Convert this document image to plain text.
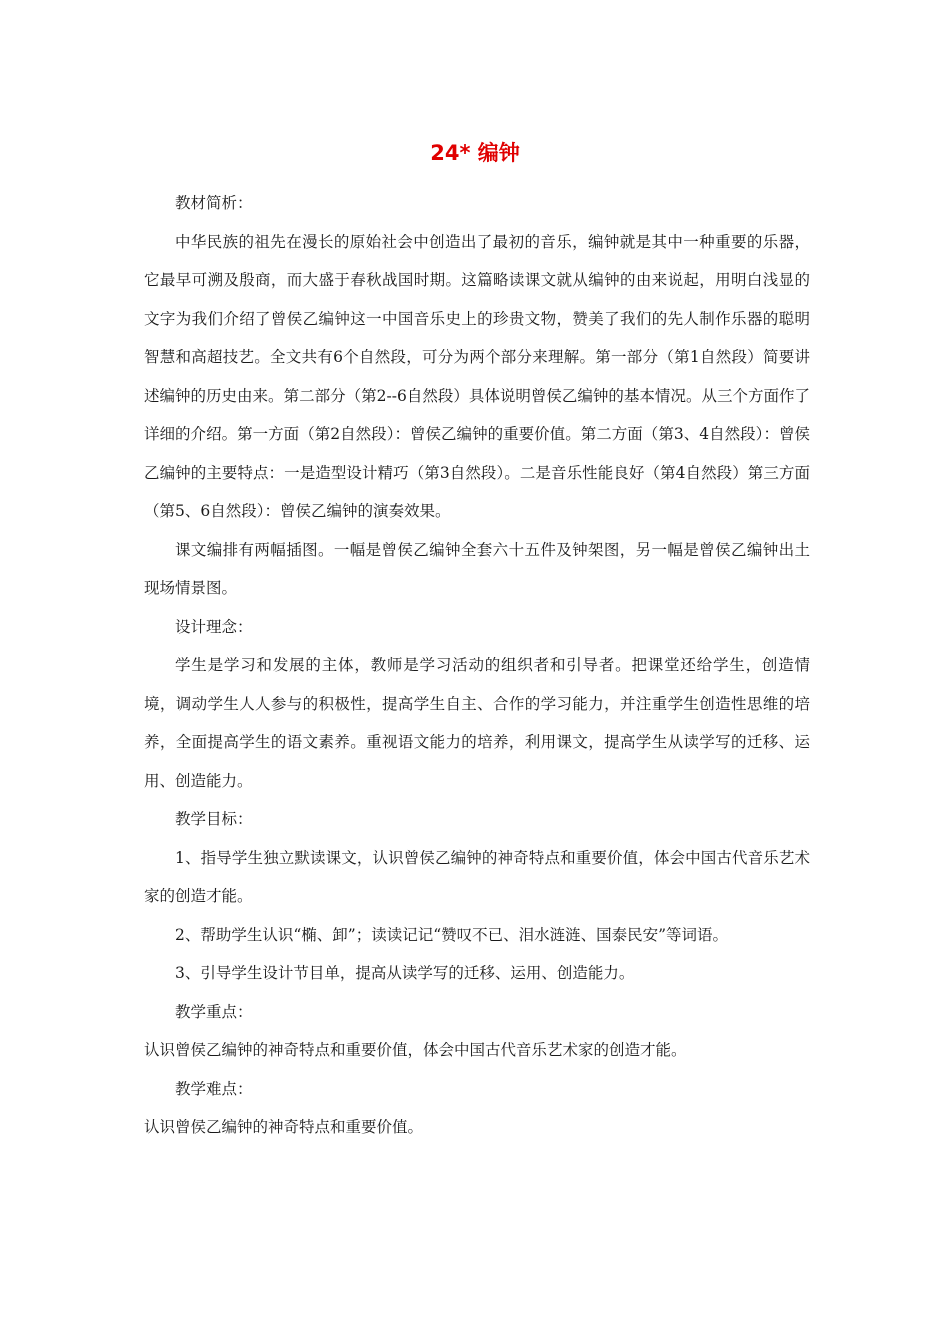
24* 编钟

教材简析：

中华民族的祖先在漫长的原始社会中创造出了最初的音乐，编钟就是其中一种重要的乐器，它最早可溯及殷商，而大盛于春秋战国时期。这篇略读课文就从编钟的由来说起，用明白浅显的文字为我们介绍了曾侯乙编钟这一中国音乐史上的珍贵文物，赞美了我们的先人制作乐器的聪明智慧和高超技艺。全文共有6个自然段，可分为两个部分来理解。第一部分（第1自然段）简要讲述编钟的历史由来。第二部分（第2--6自然段）具体说明曾侯乙编钟的基本情况。从三个方面作了详细的介绍。第一方面（第2自然段）：曾侯乙编钟的重要价值。第二方面（第3、4自然段）：曾侯乙编钟的主要特点：一是造型设计精巧（第3自然段）。二是音乐性能良好（第4自然段）第三方面（第5、6自然段）：曾侯乙编钟的演奏效果。

课文编排有两幅插图。一幅是曾侯乙编钟全套六十五件及钟架图，另一幅是曾侯乙编钟出土现场情景图。

设计理念：

学生是学习和发展的主体，教师是学习活动的组织者和引导者。把课堂还给学生，创造情境，调动学生人人参与的积极性，提高学生自主、合作的学习能力，并注重学生创造性思维的培养，全面提高学生的语文素养。重视语文能力的培养，利用课文，提高学生从读学写的迁移、运用、创造能力。

教学目标：

1、指导学生独立默读课文，认识曾侯乙编钟的神奇特点和重要价值，体会中国古代音乐艺术家的创造才能。

2、帮助学生认识“椭、卸”；读读记记“赞叹不已、泪水涟涟、国泰民安”等词语。

3、引导学生设计节目单，提高从读学写的迁移、运用、创造能力。

教学重点：

认识曾侯乙编钟的神奇特点和重要价值，体会中国古代音乐艺术家的创造才能。

教学难点：

认识曾侯乙编钟的神奇特点和重要价值。
